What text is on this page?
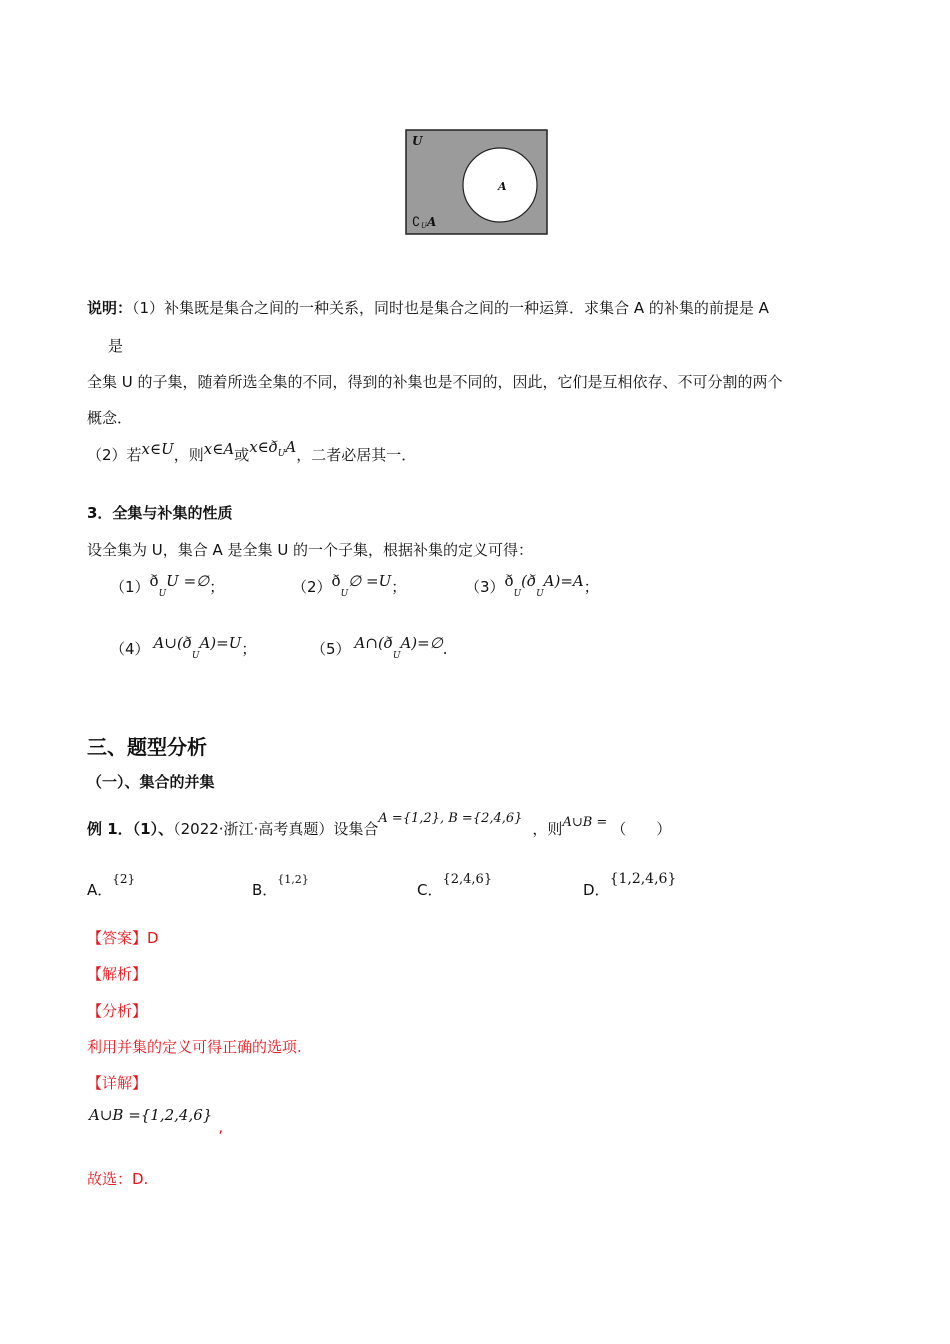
U
A
∁ U A
说明：（1）补集既是集合之间的一种关系，同时也是集合之间的一种运算．求集合 A 的补集的前提是 A
是
全集 U 的子集，随着所选全集的不同，得到的补集也是不同的，因此，它们是互相依存、不可分割的两个
概念．
（2）若x∈U，则x∈A或$x\in ð_UA$，二者必居其一．
3．全集与补集的性质
设全集为 U，集合 A 是全集 U 的一个子集，根据补集的定义可得：
$(1)ð_UU$ =∅；	$(2)ð_U\emptyset =U$；	$(3)ð_U(ð_UA)=A$；
（4） $A\cup(ð_UA)=U$；	（5） $A\cap(ð_UA)=\emptyset$.
三、题型分析
（一）、集合的并集
例 1．（1）、（2022·浙江·高考真题）设集合A ={1,2}, B ={2,4,6}，则A∪B = （　　）
A．$^{\{2\}}$
B．$^{\{1,2\}}$
C．{2,4,6}
D．{1,2,4,6}
【答案】D
【解析】
【分析】
利用并集的定义可得正确的选项.
【详解】
A∪B ={1,2,4,6},
故选：D.
